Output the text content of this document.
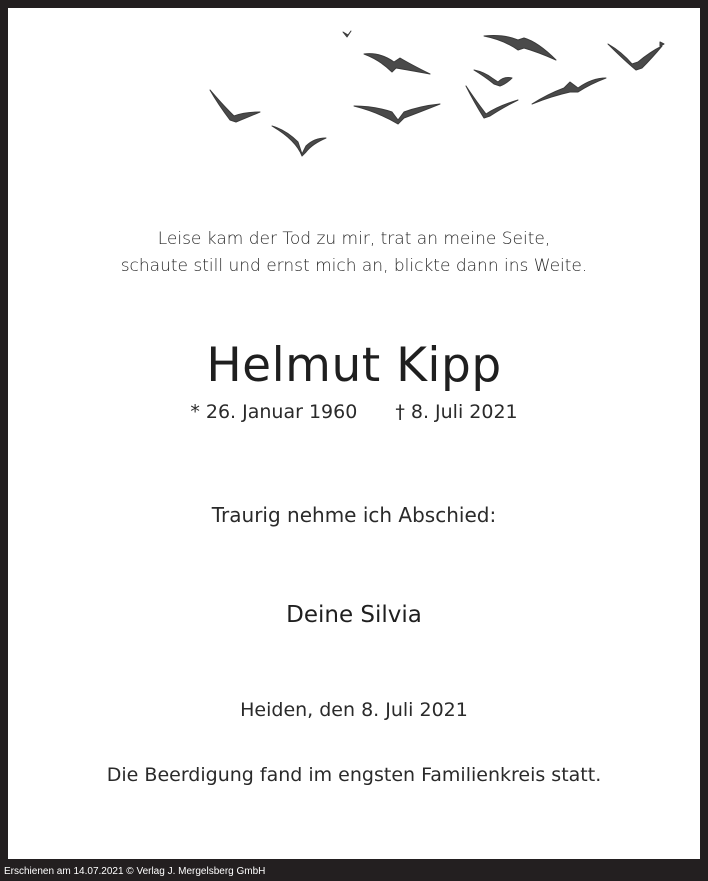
Leise kam der Tod zu mir, trat an meine Seite,
schaute still und ernst mich an, blickte dann ins Weite.
Helmut Kipp
* 26. Januar 1960 † 8. Juli 2021
Traurig nehme ich Abschied:
Deine Silvia
Heiden, den 8. Juli 2021
Die Beerdigung fand im engsten Familienkreis statt.
Erschienen am 14.07.2021 © Verlag J. Mergelsberg GmbH
